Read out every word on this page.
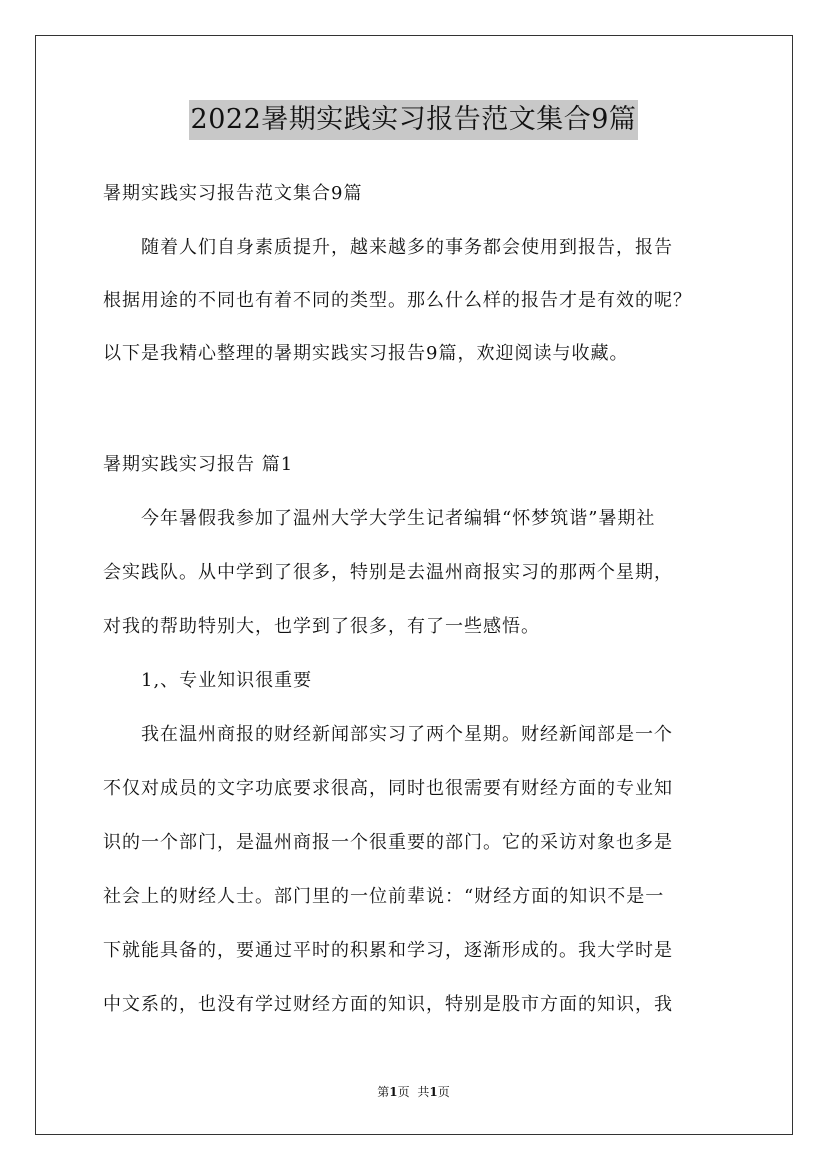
2022暑期实践实习报告范文集合9篇

暑期实践实习报告范文集合9篇

随着人们自身素质提升，越来越多的事务都会使用到报告，报告

根据用途的不同也有着不同的类型。那么什么样的报告才是有效的呢？

以下是我精心整理的暑期实践实习报告9篇，欢迎阅读与收藏。

暑期实践实习报告 篇1

今年暑假我参加了温州大学大学生记者编辑“怀梦筑谐”暑期社

会实践队。从中学到了很多，特别是去温州商报实习的那两个星期，

对我的帮助特别大，也学到了很多，有了一些感悟。

1,、专业知识很重要

我在温州商报的财经新闻部实习了两个星期。财经新闻部是一个

不仅对成员的文字功底要求很高，同时也很需要有财经方面的专业知

识的一个部门，是温州商报一个很重要的部门。它的采访对象也多是

社会上的财经人士。部门里的一位前辈说：“财经方面的知识不是一

下就能具备的，要通过平时的积累和学习，逐渐形成的。我大学时是

中文系的，也没有学过财经方面的知识，特别是股市方面的知识，我

第1页 共1页
